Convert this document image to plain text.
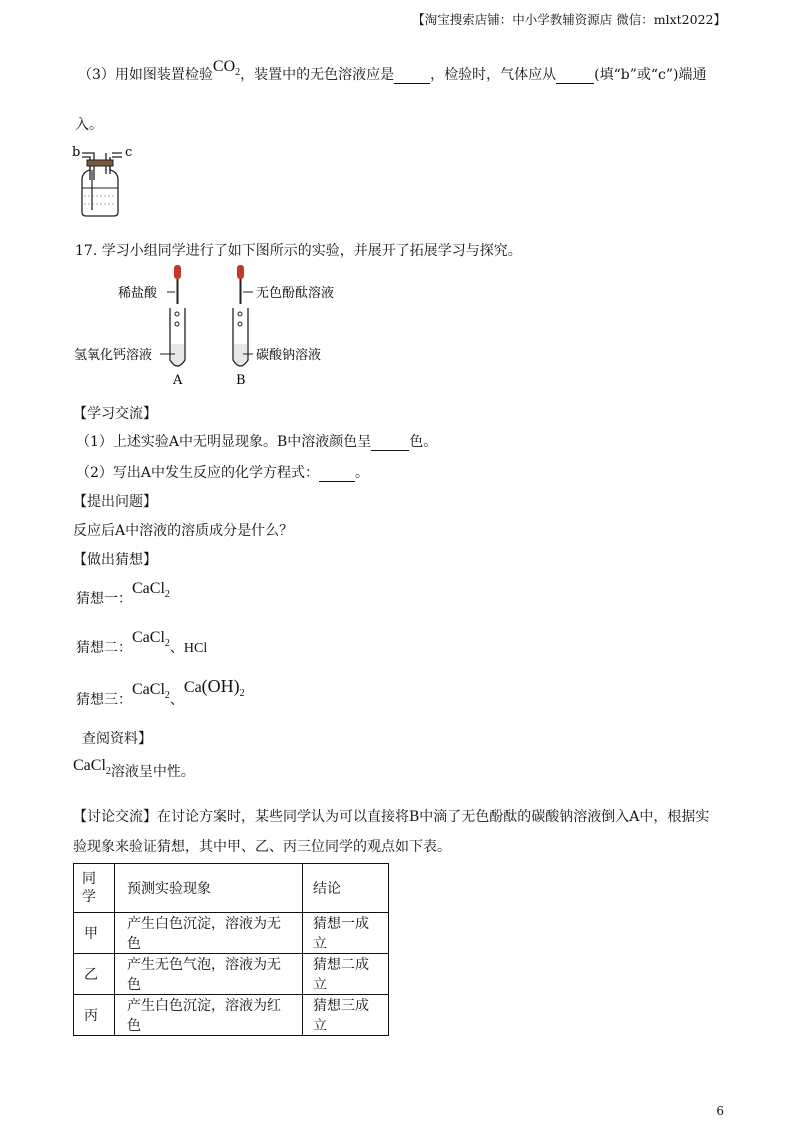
【淘宝搜索店铺：中小学教辅资源店 微信：mlxt2022】
（3）用如图装置检验$CO_2$，装置中的无色溶液应是	，检验时，气体应从	(填“b”或“c”)端通
入。
b	c
17. 学习小组同学进行了如下图所示的实验，并展开了拓展学习与探究。
稀盐酸
氢氧化钙溶液
无色酚酞溶液
碳酸钠溶液
A	B
【学习交流】
（1）上述实验A中无明显现象。B中溶液颜色呈	色。
（2）写出A中发生反应的化学方程式：	。
【提出问题】
反应后A中溶液的溶质成分是什么？
【做出猜想】
猜想一：CaCl$_2$
猜想二：CaCl$_2$、HCl
猜想三：CaCl$_2$、$Ca(OH)_2$
查阅资料】
CaCl$_2$溶液呈中性。
【讨论交流】在讨论方案时，某些同学认为可以直接将B中滴了无色酚酞的碳酸钠溶液倒入A中，根据实
验现象来验证猜想，其中甲、乙、丙三位同学的观点如下表。
同学	预测实验现象	结论
甲	产生白色沉淀，溶液为无色	猜想一成立
乙	产生无色气泡，溶液为无色	猜想二成立
丙	产生白色沉淀，溶液为红色	猜想三成立
6
